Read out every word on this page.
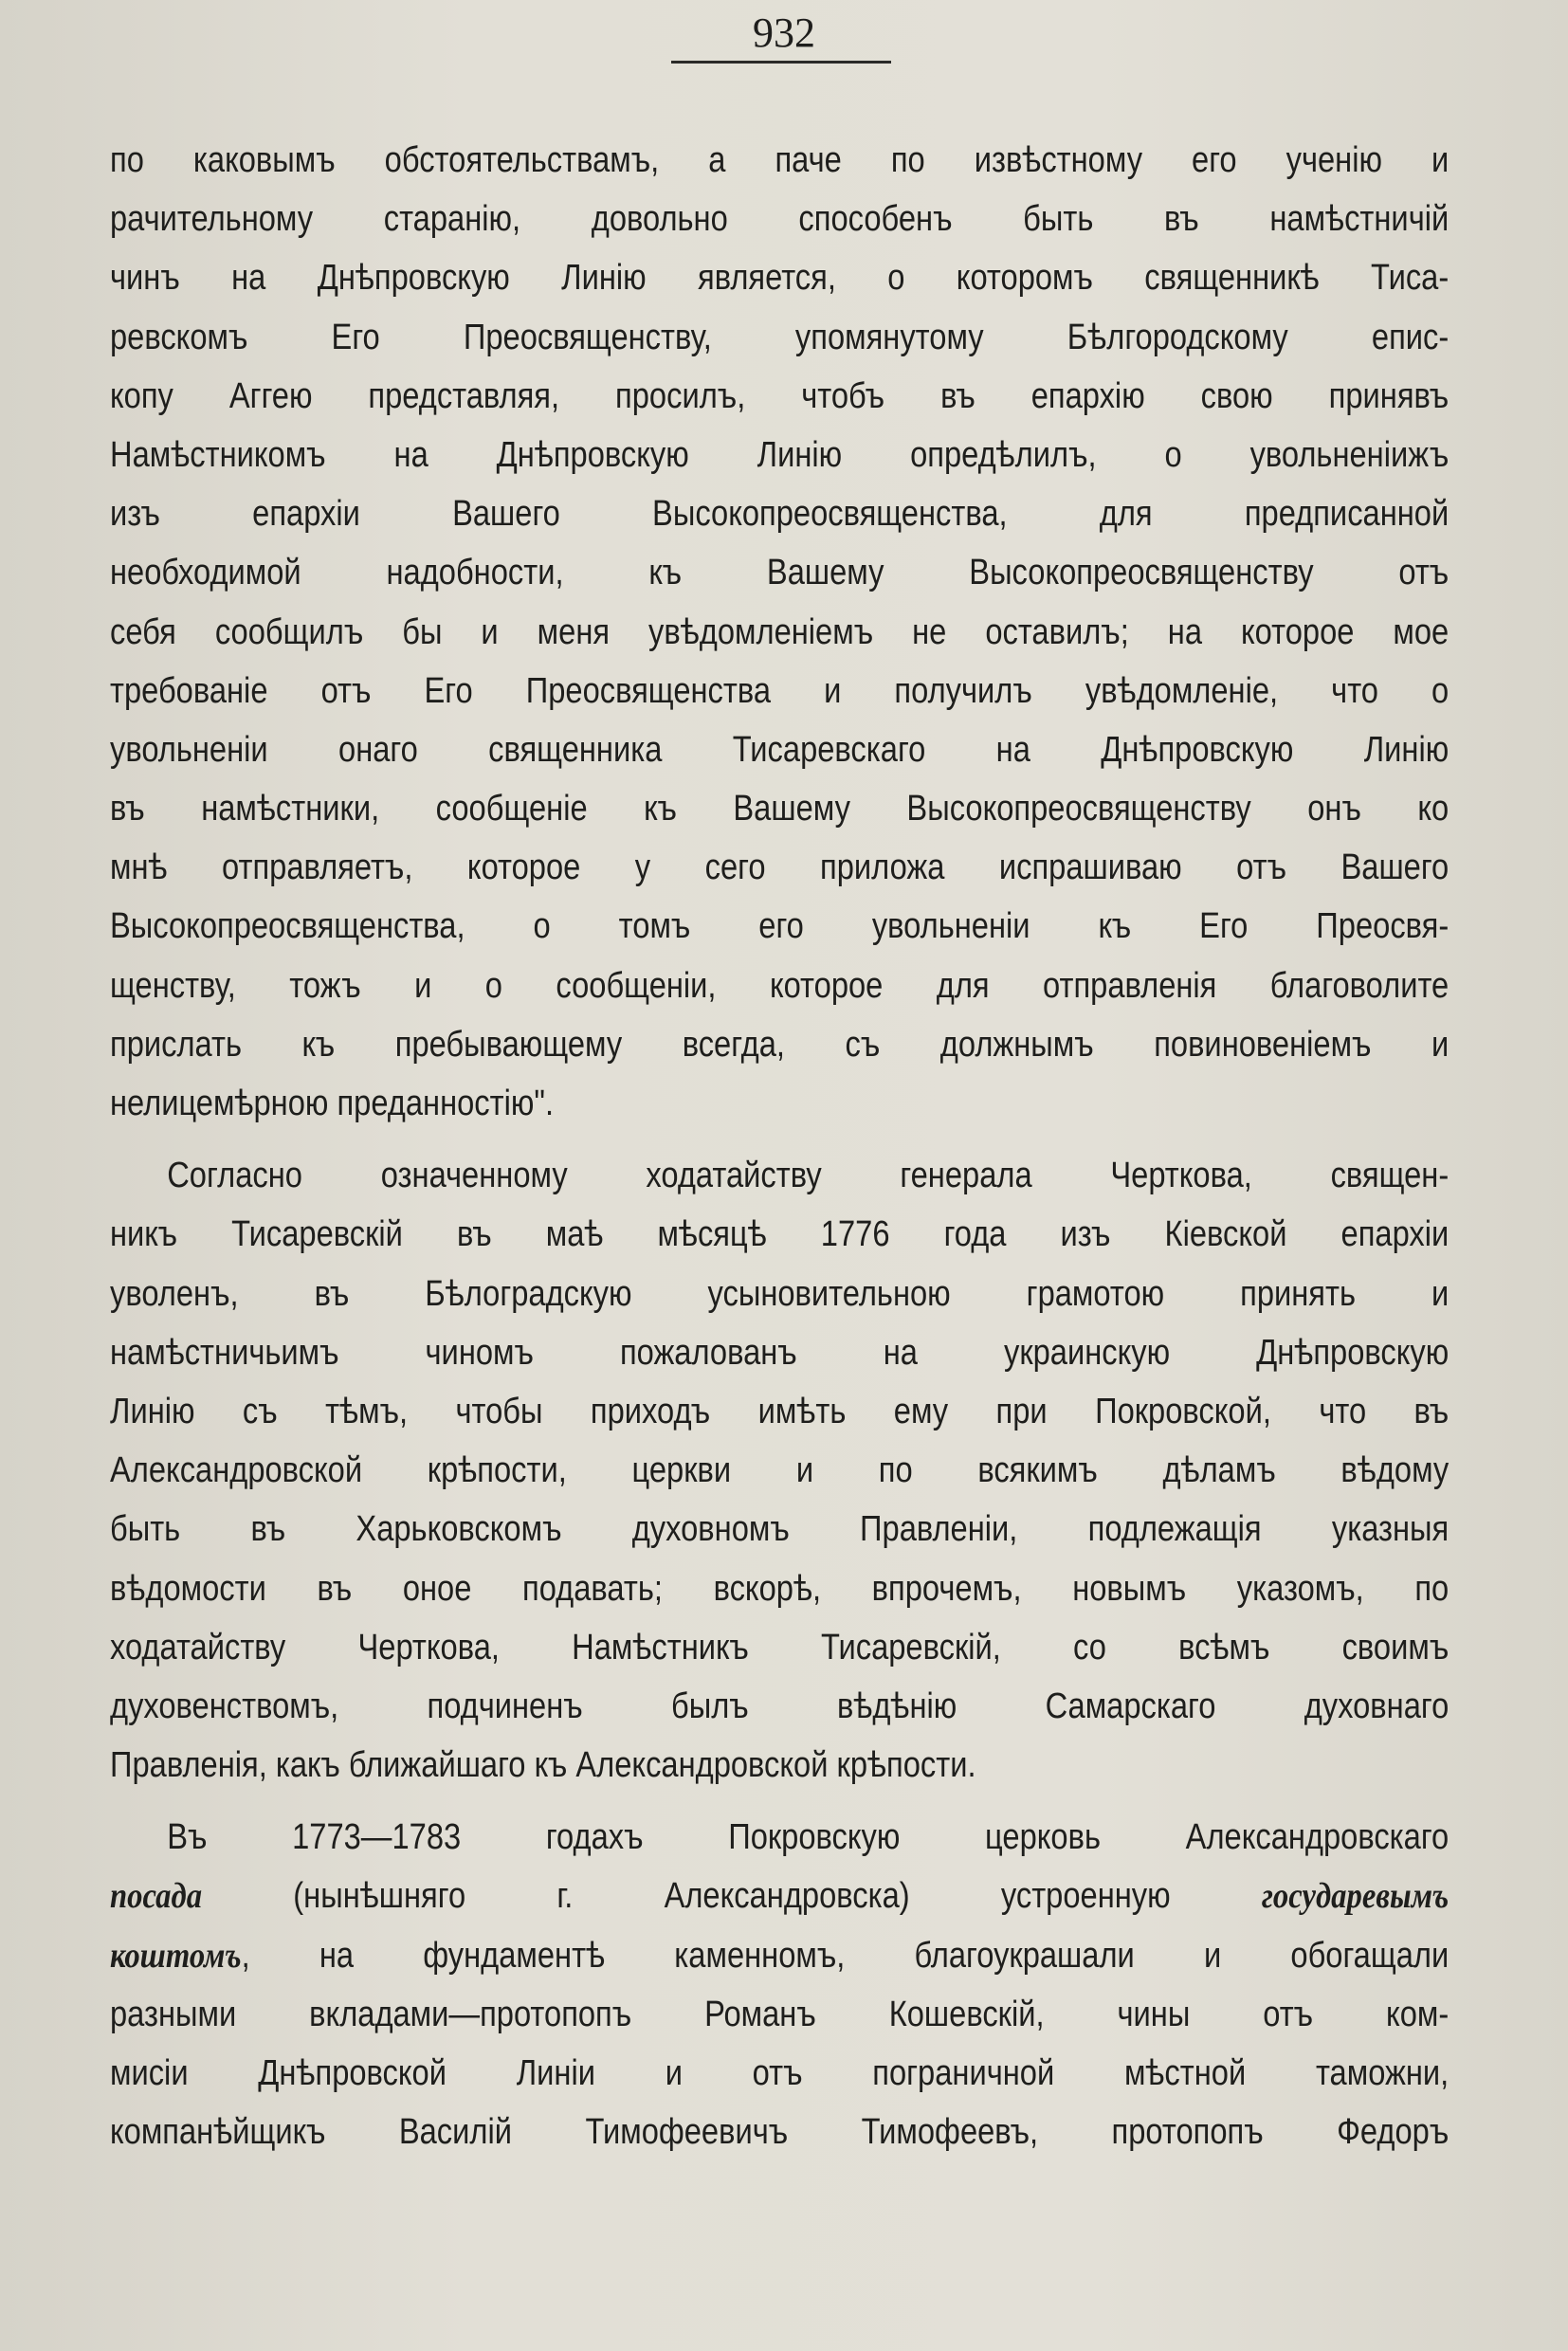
932
по каковымъ обстоятельствамъ, а паче по извѣстному его ученiю и
рачительному старанiю, довольно способенъ быть въ намѣстничiй
чинъ на Днѣпровскую Линiю является, о которомъ священникѣ Тиса-
ревскомъ Его Преосвященству, упомянутому Бѣлгородскому епис-
копу Аггею представляя, просилъ, чтобъ въ епархiю свою принявъ
Намѣстникомъ на Днѣпровскую Линiю опредѣлилъ, о увольненiижъ
изъ епархiи Вашего Высокопреосвященства, для предписанной
необходимой надобности, къ Вашему Высокопреосвященству отъ
себя сообщилъ бы и меня увѣдомленiемъ не оставилъ; на которое мое
требованiе отъ Его Преосвященства и получилъ увѣдомленiе, что о
увольненiи онаго священника Тисаревскаго на Днѣпровскую Линiю
въ намѣстники, сообщенiе къ Вашему Высокопреосвященству онъ ко
мнѣ отправляетъ, которое у сего приложа испрашиваю отъ Вашего
Высокопреосвященства, о томъ его увольненiи къ Его Преосвя-
щенству, тожъ и о сообщенiи, которое для отправленiя благоволите
прислать къ пребывающему всегда, съ должнымъ повиновенiемъ и
нелицемѣрною преданностiю".
Согласно означенному ходатайству генерала Черткова, священ-
никъ Тисаревскiй въ маѣ мѣсяцѣ 1776 года изъ Кiевской епархiи
уволенъ, въ Бѣлоградскую усыновительною грамотою принять и
намѣстничьимъ чиномъ пожалованъ на украинскую Днѣпровскую
Линiю съ тѣмъ, чтобы приходъ имѣть ему при Покровской, что въ
Александровской крѣпости, церкви и по всякимъ дѣламъ вѣдому
быть въ Харьковскомъ духовномъ Правленiи, подлежащiя указныя
вѣдомости въ оное подавать; вскорѣ, впрочемъ, новымъ указомъ, по
ходатайству Черткова, Намѣстникъ Тисаревскiй, со всѣмъ своимъ
духовенствомъ, подчиненъ былъ вѣдѣнiю Самарскаго духовнаго
Правленiя, какъ ближайшаго къ Александровской крѣпости.
Въ 1773—1783 годахъ Покровскую церковь Александровскаго
посада (нынѣшняго г. Александровска) устроенную государевымъ
коштомъ, на фундаментѣ каменномъ, благоукрашали и обогащали
разными вкладами—протопопъ Романъ Кошевскiй, чины отъ ком-
мисiи Днѣпровской Линiи и отъ пограничной мѣстной таможни,
компанѣйщикъ Василiй Тимофеевичъ Тимофеевъ, протопопъ Федоръ
